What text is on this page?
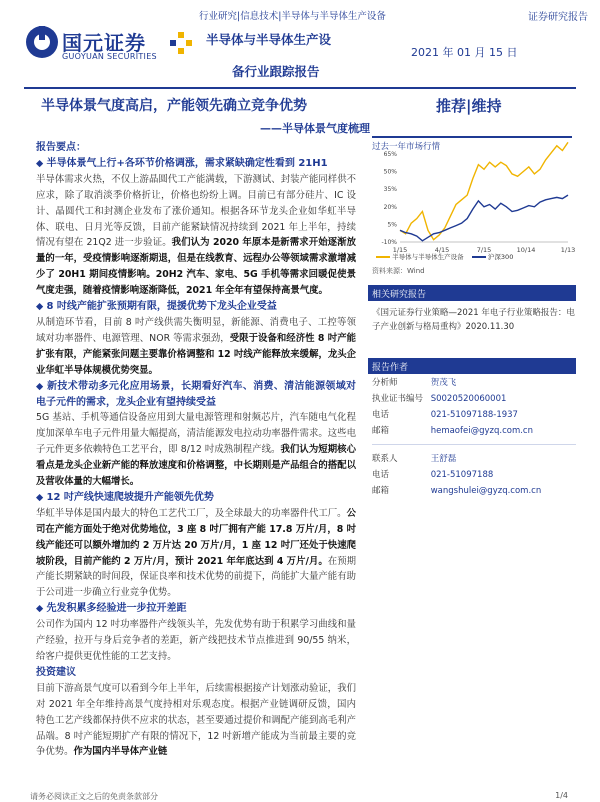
行业研究|信息技术|半导体与半导体生产设备	证券研究报告
国元证券
GUOYUAN SECURITIES
半导体与半导体生产设
备行业跟踪报告
2021 年 01 月 15 日
半导体景气度高启，产能领先确立竞争优势
——半导体景气度梳理
推荐|维持
报告要点：
◆ 半导体景气上行+各环节价格调涨，需求紧缺确定性看到 21H1
半导体需求火热，不仅上游晶圆代工产能满载，下游测试、封装产能同样供不应求，除了取消淡季价格折让，价格也纷纷上调。目前已有部分硅片、IC 设计、晶圆代工和封测企业发布了涨价通知。根据各环节龙头企业如华虹半导体、联电、日月光等反馈，目前产能紧缺情况持续到 2021 年上半年，持续情况有望在 21Q2 进一步验证。我们认为 2020 年原本是新需求开始逐渐放量的一年，受疫情影响逐渐期退，但是在线教育、远程办公等领域需求激增减少了 20H1 期间疫情影响。20H2 汽车、家电、5G 手机等需求回暖促使景气度走强，随着疫情影响逐渐降低，2021 年全年有望保持高景气度。
◆ 8 吋线产能扩张预期有限，提援优势下龙头企业受益
从制造环节看，目前 8 吋产线供需失衡明显，新能源、消费电子、工控等领域对功率器件、电源管理、NOR 等需求强劲，受限于设备和经济性 8 吋产能扩张有限，产能紧张问题主要靠价格调整和 12 吋线产能释放来缓解，龙头企业华虹半导体规模优势突显。
◆ 新技术带动多元化应用场景，长期看好汽车、消费、清洁能源领域对电子元件的需求，龙头企业有望持续受益
5G 基站、手机等通信设备应用到大量电源管理和射频芯片，汽车随电气化程度加深单车电子元件用量大幅提高，清洁能源发电拉动功率器件需求。这些电子元件更多依赖特色工艺平台，即 8/12 吋成熟制程产线。我们认为短期核心看点是龙头企业新产能的释放速度和价格调整，中长期则是产品组合的搭配以及营收体量的大幅增长。
◆ 12 吋产线快速爬坡提升产能领先优势
华虹半导体是国内最大的特色工艺代工厂，及全球最大的功率器件代工厂。公司在产能方面处于绝对优势地位，3 座 8 吋厂拥有产能 17.8 万片/月，8 吋线产能还可以额外增加约 2 万片达 20 万片/月，1 座 12 吋厂还处于快速爬坡阶段，目前产能约 2 万片/月，预计 2021 年年底达到 4 万片/月。在预期产能长期紧缺的时间段，保证良率和技术优势的前提下，尚能扩大量产能有助于公司进一步确立行业竞争优势。
◆ 先发积累多经验进一步拉开差距
公司作为国内 12 吋功率器件产线领头羊，先发优势有助于积累学习曲线和量产经验，拉开与身后竞争者的差距，新产线把技术节点推进到 90/55 纳米，给客户提供更优性能的工艺支持。
投资建议
目前下游高景气度可以看到今年上半年，后续需根据接产计划涨动验证，我们对 2021 年全年维持高景气度持相对乐观态度。根据产业链调研反馈，国内特色工艺产线都保持供不应求的状态，甚至要通过提价和调配产能到高毛利产品端。8 吋产能短期扩产有限的情况下，12 吋新增产能成为当前最主要的竞争优势。作为国内半导体产业链
过去一年市场行情
-10%
5%
20%
35%
50%
65%
1/15	4/15	7/15	10/14	1/13
半导体与半导体生产设备	沪深300
资料来源：Wind
相关研究报告
《国元证券行业策略—2021 年电子行业策略报告：电子产业创新与格局重构》2020.11.30
报告作者
分析师	贺茂飞
执业证书编号 S0020520060001
电话	021-51097188-1937
邮箱	hemaofei@gyzq.com.cn
联系人	王舒磊
电话	021-51097188
邮箱	wangshulei@gyzq.com.cn
请务必阅读正文之后的免责条款部分	1/4
